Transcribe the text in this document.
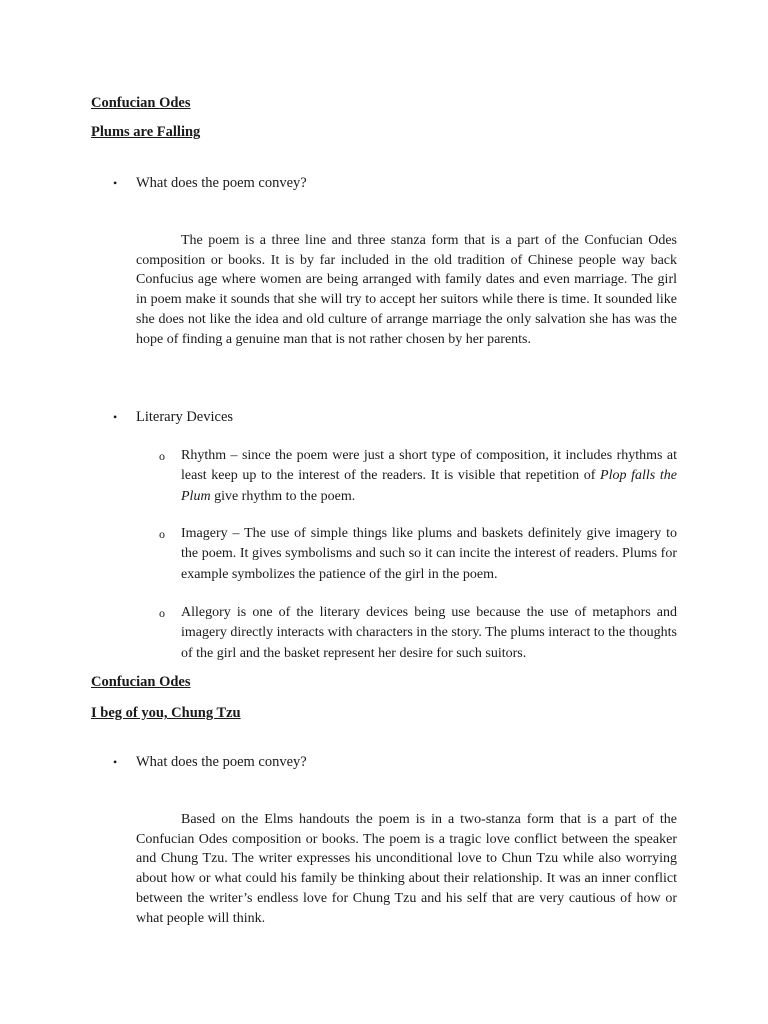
Confucian Odes
Plums are Falling
• What does the poem convey?

The poem is a three line and three stanza form that is a part of the Confucian Odes composition or books. It is by far included in the old tradition of Chinese people way back Confucius age where women are being arranged with family dates and even marriage. The girl in poem make it sounds that she will try to accept her suitors while there is time. It sounded like she does not like the idea and old culture of arrange marriage the only salvation she has was the hope of finding a genuine man that is not rather chosen by her parents.

• Literary Devices
o Rhythm – since the poem were just a short type of composition, it includes rhythms at least keep up to the interest of the readers. It is visible that repetition of Plop falls the Plum give rhythm to the poem.
o Imagery – The use of simple things like plums and baskets definitely give imagery to the poem. It gives symbolisms and such so it can incite the interest of readers. Plums for example symbolizes the patience of the girl in the poem.
o Allegory is one of the literary devices being use because the use of metaphors and imagery directly interacts with characters in the story. The plums interact to the thoughts of the girl and the basket represent her desire for such suitors.
Confucian Odes
I beg of you, Chung Tzu
• What does the poem convey?

Based on the Elms handouts the poem is in a two-stanza form that is a part of the Confucian Odes composition or books. The poem is a tragic love conflict between the speaker and Chung Tzu. The writer expresses his unconditional love to Chun Tzu while also worrying about how or what could his family be thinking about their relationship. It was an inner conflict between the writer’s endless love for Chung Tzu and his self that are very cautious of how or what people will think.
